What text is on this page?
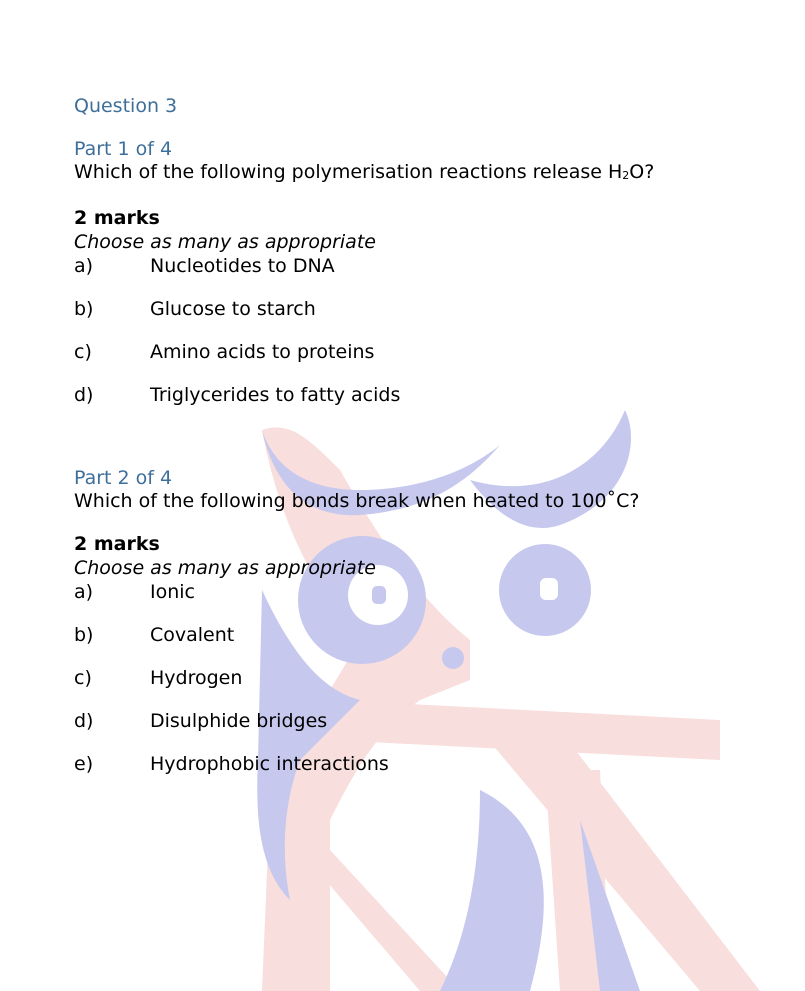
Question 3
Part 1 of 4
Which of the following polymerisation reactions release $H_2O$?
2 marks
Choose as many as appropriate
a)	Nucleotides to DNA
b)	Glucose to starch
c)	Amino acids to proteins
d)	Triglycerides to fatty acids
Part 2 of 4
Which of the following bonds break when heated to 100˚C?
2 marks
Choose as many as appropriate
a)	Ionic
b)	Covalent
c)	Hydrogen
d)	Disulphide bridges
e)	Hydrophobic interactions
